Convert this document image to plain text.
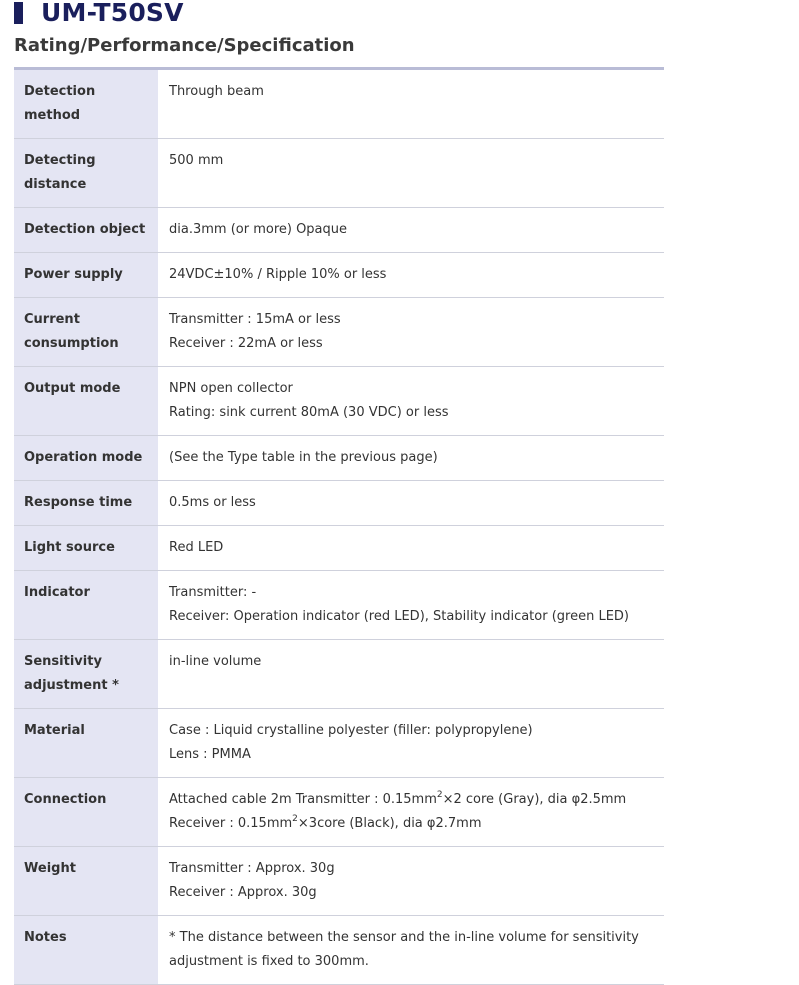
UM-T50SV
Rating/Performance/Specification
Detection method	Through beam

Detecting distance	500 mm

Detection object	dia.3mm (or more) Opaque

Power supply	24VDC±10% / Ripple 10% or less

Current consumption	Transmitter : 15mA or less
Receiver : 22mA or less

Output mode	NPN open collector
Rating: sink current 80mA (30 VDC) or less

Operation mode	(See the Type table in the previous page)

Response time	0.5ms or less

Light source	Red LED

Indicator	Transmitter: -
Receiver: Operation indicator (red LED), Stability indicator (green LED)

Sensitivity adjustment *	in-line volume

Material	Case : Liquid crystalline polyester (filler: polypropylene)
Lens : PMMA

Connection	Attached cable 2m Transmitter : $0.15mm^2\times 2$ core (Gray), dia φ2.5mm
Receiver : $0.15mm^2\times 3core$ (Black), dia φ2.7mm

Weight	Transmitter : Approx. 30g
Receiver : Approx. 30g

Notes	* The distance between the sensor and the in-line volume for sensitivity adjustment is fixed to 300mm.
